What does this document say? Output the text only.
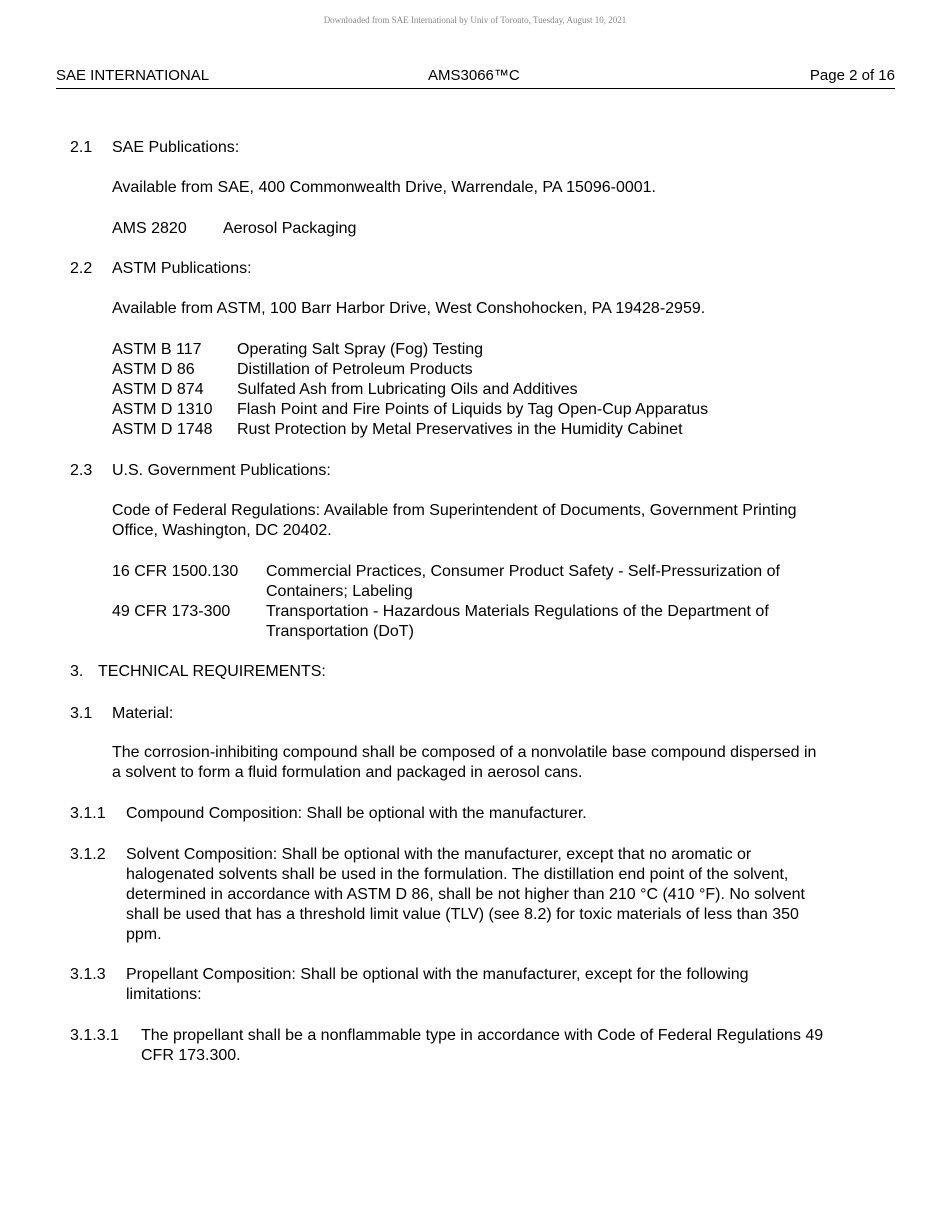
Downloaded from SAE International by Univ of Toronto, Tuesday, August 10, 2021
SAE INTERNATIONAL	AMS3066™C	Page 2 of 16
2.1 SAE Publications:
Available from SAE, 400 Commonwealth Drive, Warrendale, PA 15096-0001.
AMS 2820 Aerosol Packaging
2.2 ASTM Publications:
Available from ASTM, 100 Barr Harbor Drive, West Conshohocken, PA 19428-2959.
ASTM B 117 Operating Salt Spray (Fog) Testing
ASTM D 86	Distillation of Petroleum Products
ASTM D 874 Sulfated Ash from Lubricating Oils and Additives
ASTM D 1310 Flash Point and Fire Points of Liquids by Tag Open-Cup Apparatus
ASTM D 1748 Rust Protection by Metal Preservatives in the Humidity Cabinet
2.3 U.S. Government Publications:
Code of Federal Regulations: Available from Superintendent of Documents, Government Printing
Office, Washington, DC 20402.
16 CFR 1500.130 Commercial Practices, Consumer Product Safety - Self-Pressurization of
Containers; Labeling
49 CFR 173-300 Transportation - Hazardous Materials Regulations of the Department of
Transportation (DoT)
3. TECHNICAL REQUIREMENTS:
3.1 Material:
The corrosion-inhibiting compound shall be composed of a nonvolatile base compound dispersed in
a solvent to form a fluid formulation and packaged in aerosol cans.
3.1.1 Compound Composition: Shall be optional with the manufacturer.
3.1.2 Solvent Composition: Shall be optional with the manufacturer, except that no aromatic or
halogenated solvents shall be used in the formulation. The distillation end point of the solvent,
determined in accordance with ASTM D 86, shall be not higher than 210 °C (410 °F). No solvent
shall be used that has a threshold limit value (TLV) (see 8.2) for toxic materials of less than 350
ppm.
3.1.3 Propellant Composition: Shall be optional with the manufacturer, except for the following
limitations:
3.1.3.1 The propellant shall be a nonflammable type in accordance with Code of Federal Regulations 49
CFR 173.300.
